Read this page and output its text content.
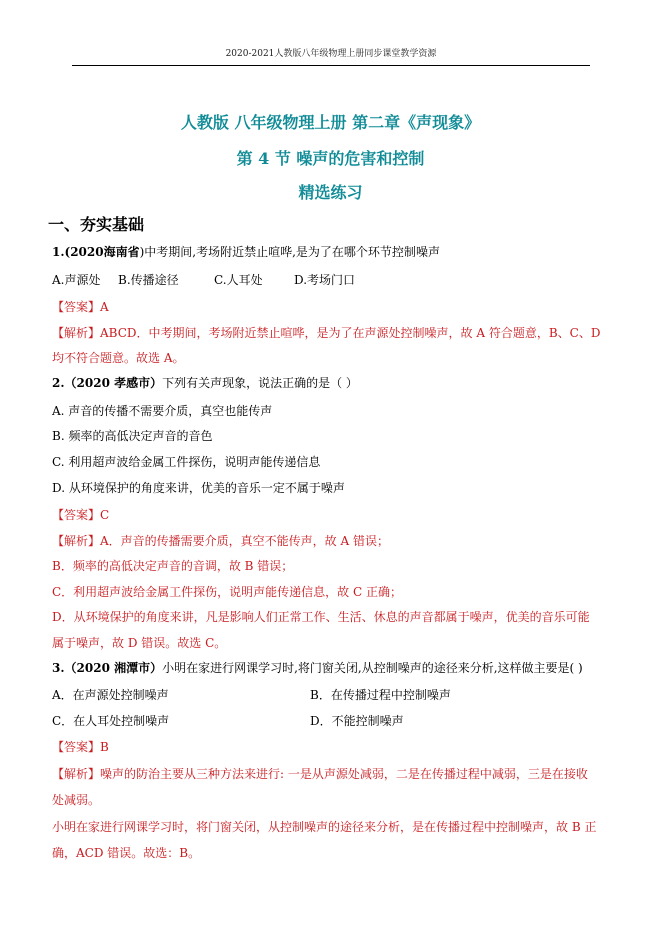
2020-2021人教版八年级物理上册同步课堂教学资源
人教版 八年级物理上册 第二章《声现象》
第 4 节 噪声的危害和控制
精选练习
一、夯实基础
1.(2020海南省)中考期间,考场附近禁止喧哗,是为了在哪个环节控制噪声
A.声源处 B.传播途径	C.人耳处	D.考场门口
【答案】A
【解析】ABCD．中考期间，考场附近禁止喧哗，是为了在声源处控制噪声，故 A 符合题意，B、C、D
均不符合题意。故选 A。
2.（2020 孝感市）下列有关声现象，说法正确的是（ ）
A. 声音的传播不需要介质，真空也能传声
B. 频率的高低决定声音的音色
C. 利用超声波给金属工件探伤，说明声能传递信息
D. 从环境保护的角度来讲，优美的音乐一定不属于噪声
【答案】C
【解析】A．声音的传播需要介质，真空不能传声，故 A 错误；
B．频率的高低决定声音的音调，故 B 错误；
C．利用超声波给金属工件探伤，说明声能传递信息，故 C 正确；
D．从环境保护的角度来讲，凡是影响人们正常工作、生活、休息的声音都属于噪声，优美的音乐可能
属于噪声，故 D 错误。故选 C。
3.（2020 湘潭市）小明在家进行网课学习时,将门窗关闭,从控制噪声的途径来分析,这样做主要是( )
A．在声源处控制噪声	B．在传播过程中控制噪声
C．在人耳处控制噪声	D．不能控制噪声
【答案】B
【解析】噪声的防治主要从三种方法来进行: 一是从声源处减弱，二是在传播过程中减弱，三是在接收
处减弱。
小明在家进行网课学习时，将门窗关闭，从控制噪声的途径来分析，是在传播过程中控制噪声，故 B 正
确，ACD 错误。故选：B。
